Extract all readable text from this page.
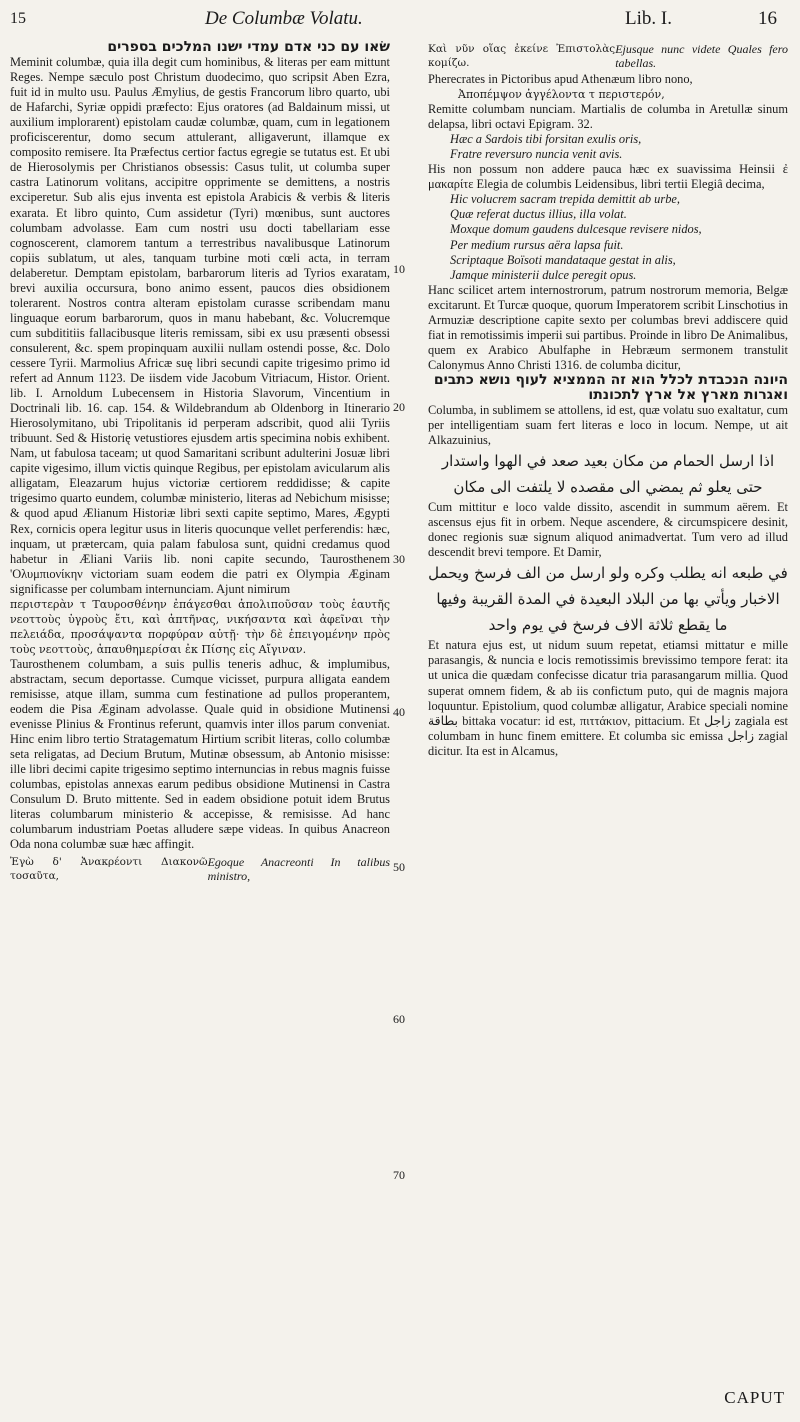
15	De Columbæ Volatu.	Lib. I.	16
10
20
30
40
50
60
70
שׂאו עם כני אדם עמדי ישנו המלכים בספרים

Meminit columbæ, quia illa degit cum hominibus, & literas per eam mittunt Reges. Nempe sæculo post Christum duodecimo, quo scripsit Aben Ezra, fuit id in multo usu. Paulus Æmylius, de gestis Francorum libro quarto, ubi de Hafarchi, Syriæ oppidi præfecto: Ejus oratores (ad Baldainum missi, ut auxilium implorarent) epistolam caudæ columbæ, quam, cum in legationem proficiscerentur, domo secum attulerant, alligaverunt, illamque ex composito remisere. Ita Præfectus certior factus egregie se tutatus est. Et ubi de Hierosolymis per Christianos obsessis: Casus tulit, ut columba super castra Latinorum volitans, accipitre opprimente se demittens, a nostris exciperetur. Sub alis ejus inventa est epistola Arabicis & verbis & literis exarata. Et libro quinto, Cum assidetur (Tyri) mœnibus, sunt auctores columbam advolasse. Eam cum nostri usu docti tabellariam esse cognoscerent, clamorem tantum a terrestribus navalibusque Latinorum copiis sublatum, ut ales, tanquam turbine moti cœli acta, in terram delaberetur. Demptam epistolam, barbarorum literis ad Tyrios exaratam, brevi auxilia occursura, bono animo essent, paucos dies obsidionem tolerarent. Nostros contra alteram epistolam curasse scribendam manu linguaque eorum barbarorum, quos in manu habebant, &c. Volucremque cum subdititiis fallacibusque literis remissam, sibi ex usu præsenti obsessi consulerent, &c. spem propinquam auxilii nullam ostendi posse, &c. Dolo cessere Tyrii. Marmolius Africæ suę libri secundi capite trigesimo primo id refert ad Annum 1123. De iisdem vide Jacobum Vitriacum, Histor. Orient. lib. I. Arnoldum Lubecensem in Historia Slavorum, Vincentium in Doctrinali lib. 16. cap. 154. & Wildebrandum ab Oldenborg in Itinerario Hierosolymitano, ubi Tripolitanis id perperam adscribit, quod alii Tyriis tribuunt. Sed & Historię vetustiores ejusdem artis specimina nobis exhibent. Nam, ut fabulosa taceam; ut quod Samaritani scribunt adulterini Josuæ libri capite vigesimo, illum victis quinque Regibus, per epistolam avicularum alis alligatam, Eleazarum hujus victoriæ certiorem reddidisse; & capite trigesimo quarto eundem, columbæ ministerio, literas ad Nebichum misisse; & quod apud Ælianum Historiæ libri sexti capite septimo, Mares, Ægypti Rex, cornicis opera legitur usus in literis quocunque vellet perferendis: hæc, inquam, ut prætercam, quia palam fabulosa sunt, quidni credamus quod habetur in Æliani Variis lib. noni capite secundo, Taurosthenem 'Ολυμπιονίκην victoriam suam eodem die patri ex Olympia Æginam significasse per columbam internunciam. Ajunt nimirum

περιστερὰν τ Ταυροσθένην ἐπάγεσθαι ἀπολιποῦσαν τοὺς ἑαυτῆς νεοττοὺς ὑγροὺς ἔτι, καὶ ἀπτῆνας, νικήσαντα καὶ ἀφεῖναι τὴν πελειάδα, προσάψαντα πορφύραν αὐτῇ· τὴν δὲ ἐπειγομένην πρὸς τοὺς νεοττοὺς, ἀπαυθημερίσαι ἐκ Πίσης εἰς Αἴγιναν.

Taurosthenem columbam, a suis pullis teneris adhuc, & implumibus, abstractam, secum deportasse. Cumque vicisset, purpura alligata eandem remisisse, atque illam, summa cum festinatione ad pullos properantem, eodem die Pisa Æginam advolasse. Quale quid in obsidione Mutinensi evenisse Plinius & Frontinus referunt, quamvis inter illos parum conveniat. Hinc enim libro tertio Stratagematum Hirtium scribit literas, collo columbæ seta religatas, ad Decium Brutum, Mutinæ obsessum, ab Antonio misisse: ille libri decimi capite trigesimo septimo internuncias in rebus magnis fuisse columbas, epistolas annexas earum pedibus obsidione Mutinensi in Castra Consulum D. Bruto mittente. Sed in eadem obsidione potuit idem Brutus literas columbarum ministerio & accepisse, & remisisse. Ad hanc columbarum industriam Poetas alludere sæpe videas. In quibus Anacreon Oda nona columbæ suæ hæc affingit.

Ἐγὼ δ' Ἀνακρέοντι Διακονῶ τοσαῦτα,
Egoque Anacreonti In talibus ministro,
Καὶ νῦν οἵας ἐκείνε Ἐπιστολὰς κομίζω.
Ejusque nunc videte Quales fero tabellas.

Pherecrates in Pictoribus apud Athenæum libro nono,

Ἀποπέμψον ἀγγέλοντα τ περιστερόν,

Remitte columbam nunciam. Martialis de columba in Aretullæ sinum delapsa, libri octavi Epigram. 32.

Hæc a Sardois tibi forsitan exulis oris,
Fratre reversuro nuncia venit avis.

His non possum non addere pauca hæc ex suavissima Heinsii ἐ μακαρίτε Elegia de columbis Leidensibus, libri tertii Elegiâ decima,

Hic volucrem sacram trepida demittit ab urbe,
Quæ referat ductus illius, illa volat.
Moxque domum gaudens dulcesque revisere nidos,
Per medium rursus aëra lapsa fuit.
Scriptaque Boïsoti mandataque gestat in alis,
Jamque ministerii dulce peregit opus.

Hanc scilicet artem internostrorum, patrum nostrorum memoria, Belgæ excitarunt. Et Turcæ quoque, quorum Imperatorem scribit Linschotius in Armuziæ descriptione capite sexto per columbas brevi addiscere quid fiat in remotissimis imperii sui partibus. Proinde in libro De Animalibus, quem ex Arabico Abulfaphe in Hebræum sermonem transtulit Calonymus Anno Christi 1316. de columba dicitur,

היונה הנכבדת לכלל הוא זה הממציא לעוף נושא כתבים ואגרות מארץ אל ארץ לתכונתו

Columba, in sublimem se attollens, id est, quæ volatu suo exaltatur, cum per intelligentiam suam fert literas e loco in locum. Nempe, ut ait Alkazuinius,

اذا ارسل الحمام من مكان بعيد صعد في الهوا واستدار حتى يعلو ثم يمضي الى مقصده لا يلتفت الى مكان

Cum mittitur e loco valde dissito, ascendit in summum aërem. Et ascensus ejus fit in orbem. Neque ascendere, & circumspicere desinit, donec regionis suæ signum aliquod animadvertat. Tum vero ad illud descendit brevi tempore. Et Damir,

في طبعه انه يطلب وكره ولو ارسل من الف فرسخ ويحمل الاخبار ويأتي بها من البلاد البعيدة في المدة القريبة وفيها ما يقطع ثلاثة الاف فرسخ في يوم واحد

Et natura ejus est, ut nidum suum repetat, etiamsi mittatur e mille parasangis, & nuncia e locis remotissimis brevissimo tempore ferat: ita ut unica die quædam confecisse dicatur tria parasangarum millia. Quod superat omnem fidem, & ab iis confictum puto, qui de magnis majora loquuntur. Epistolium, quod columbæ alligatur, Arabice speciali nomine بطاقة bittaka vocatur: id est, πιττάκιον, pittacium. Et زاجل zagiala est columbam in hunc finem emittere. Et columba sic emissa زاجل zagial dicitur. Ita est in Alcamus,

CAPUT
